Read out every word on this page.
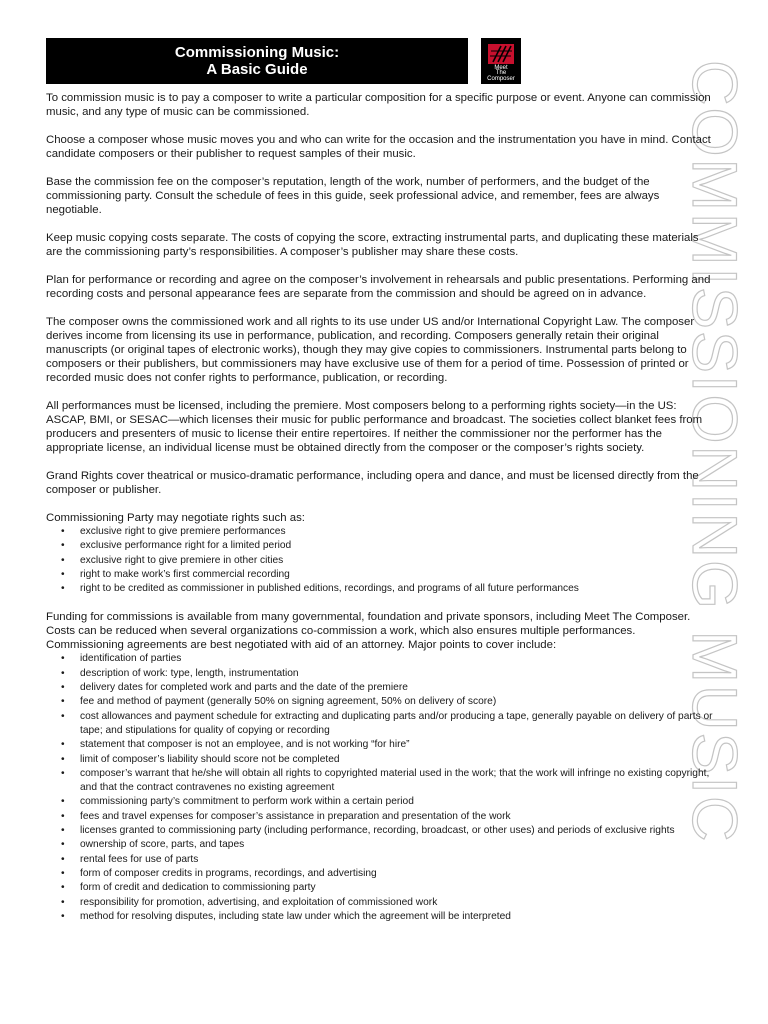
Commissioning Music:
A Basic Guide	Meet
The
Composer	COMMISSIONING MUSIC

To commission music is to pay a composer to write a particular composition for a specific purpose or event. Anyone can commission music, and any type of music can be commissioned.

Choose a composer whose music moves you and who can write for the occasion and the instrumentation you have in mind. Contact candidate composers or their publisher to request samples of their music.

Base the commission fee on the composer’s reputation, length of the work, number of performers, and the budget of the commissioning party. Consult the schedule of fees in this guide, seek professional advice, and remember, fees are always negotiable.

Keep music copying costs separate. The costs of copying the score, extracting instrumental parts, and duplicating these materials are the commissioning party’s responsibilities. A composer’s publisher may share these costs.

Plan for performance or recording and agree on the composer’s involvement in rehearsals and public presentations. Performing and recording costs and personal appearance fees are separate from the commission and should be agreed on in advance.

The composer owns the commissioned work and all rights to its use under US and/or International Copyright Law. The composer derives income from licensing its use in performance, publication, and recording. Composers generally retain their original manuscripts (or original tapes of electronic works), though they may give copies to commissioners. Instrumental parts belong to composers or their publishers, but commissioners may have exclusive use of them for a period of time. Possession of printed or recorded music does not confer rights to performance, publication, or recording.

All performances must be licensed, including the premiere. Most composers belong to a performing rights society—in the US: ASCAP, BMI, or SESAC—which licenses their music for public performance and broadcast. The societies collect blanket fees from producers and presenters of music to license their entire repertoires. If neither the commissioner nor the performer has the appropriate license, an individual license must be obtained directly from the composer or the composer’s rights society.

Grand Rights cover theatrical or musico-dramatic performance, including opera and dance, and must be licensed directly from the composer or publisher.

Commissioning Party may negotiate rights such as:

• exclusive right to give premiere performances
• exclusive performance right for a limited period
• exclusive right to give premiere in other cities
• right to make work’s first commercial recording
• right to be credited as commissioner in published editions, recordings, and programs of all future performances

Funding for commissions is available from many governmental, foundation and private sponsors, including Meet The Composer. Costs can be reduced when several organizations co-commission a work, which also ensures multiple performances. Commissioning agreements are best negotiated with aid of an attorney. Major points to cover include:

• identification of parties
• description of work: type, length, instrumentation
• delivery dates for completed work and parts and the date of the premiere
• fee and method of payment (generally 50% on signing agreement, 50% on delivery of score)
• cost allowances and payment schedule for extracting and duplicating parts and/or producing a tape, generally payable on delivery of parts or tape; and stipulations for quality of copying or recording
• statement that composer is not an employee, and is not working “for hire”
• limit of composer’s liability should score not be completed
• composer’s warrant that he/she will obtain all rights to copyrighted material used in the work; that the work will infringe no existing copyright, and that the contract contravenes no existing agreement
• commissioning party’s commitment to perform work within a certain period
• fees and travel expenses for composer’s assistance in preparation and presentation of the work
• licenses granted to commissioning party (including performance, recording, broadcast, or other uses) and periods of exclusive rights
• ownership of score, parts, and tapes
• rental fees for use of parts
• form of composer credits in programs, recordings, and advertising
• form of credit and dedication to commissioning party
• responsibility for promotion, advertising, and exploitation of commissioned work
• method for resolving disputes, including state law under which the agreement will be interpreted
